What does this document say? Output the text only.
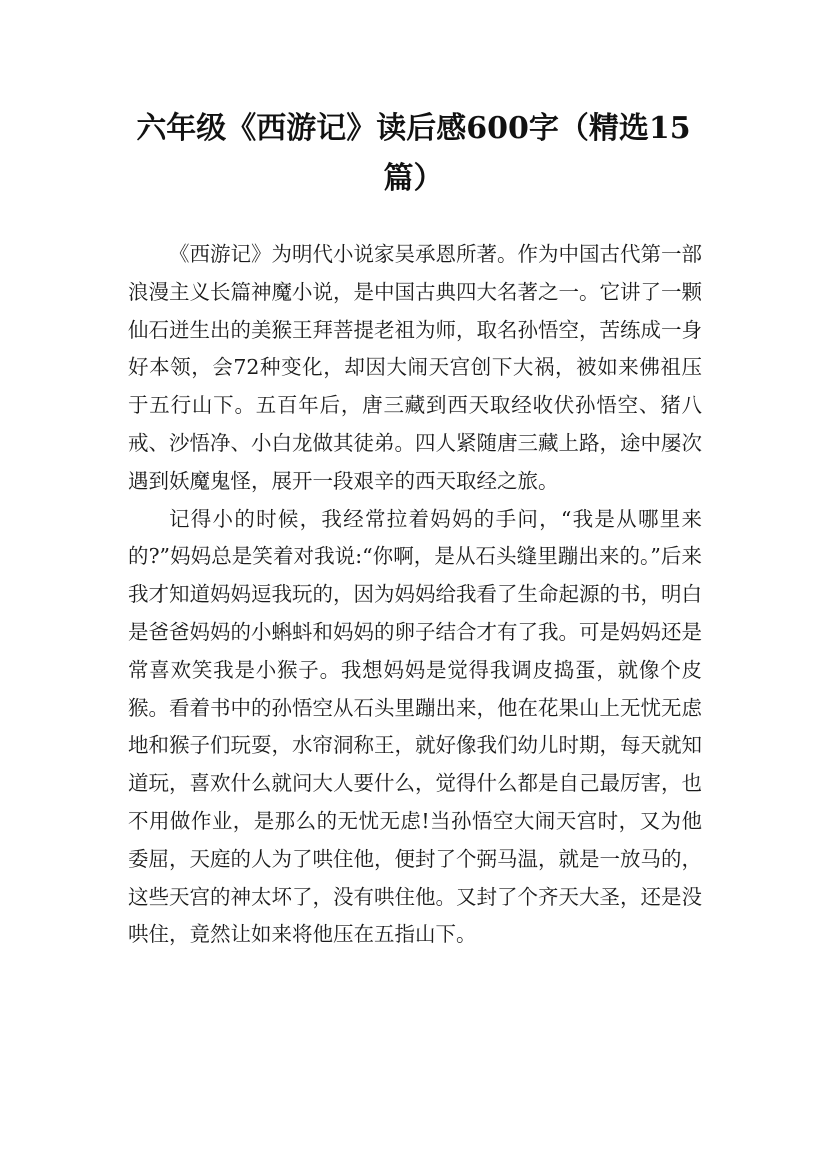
六年级《西游记》读后感600字（精选15篇）

《西游记》为明代小说家吴承恩所著。作为中国古代第一部浪漫主义长篇神魔小说，是中国古典四大名著之一。它讲了一颗仙石迸生出的美猴王拜菩提老祖为师，取名孙悟空，苦练成一身好本领，会72种变化，却因大闹天宫创下大祸，被如来佛祖压于五行山下。五百年后，唐三藏到西天取经收伏孙悟空、猪八戒、沙悟净、小白龙做其徒弟。四人紧随唐三藏上路，途中屡次遇到妖魔鬼怪，展开一段艰辛的西天取经之旅。

记得小的时候，我经常拉着妈妈的手问，“我是从哪里来的?”妈妈总是笑着对我说:“你啊，是从石头缝里蹦出来的。”后来我才知道妈妈逗我玩的，因为妈妈给我看了生命起源的书，明白是爸爸妈妈的小蝌蚪和妈妈的卵子结合才有了我。可是妈妈还是常喜欢笑我是小猴子。我想妈妈是觉得我调皮捣蛋，就像个皮猴。看着书中的孙悟空从石头里蹦出来，他在花果山上无忧无虑地和猴子们玩耍，水帘洞称王，就好像我们幼儿时期，每天就知道玩，喜欢什么就问大人要什么，觉得什么都是自己最厉害，也不用做作业，是那么的无忧无虑!当孙悟空大闹天宫时，又为他委屈，天庭的人为了哄住他，便封了个弼马温，就是一放马的，这些天宫的神太坏了，没有哄住他。又封了个齐天大圣，还是没哄住，竟然让如来将他压在五指山下。
